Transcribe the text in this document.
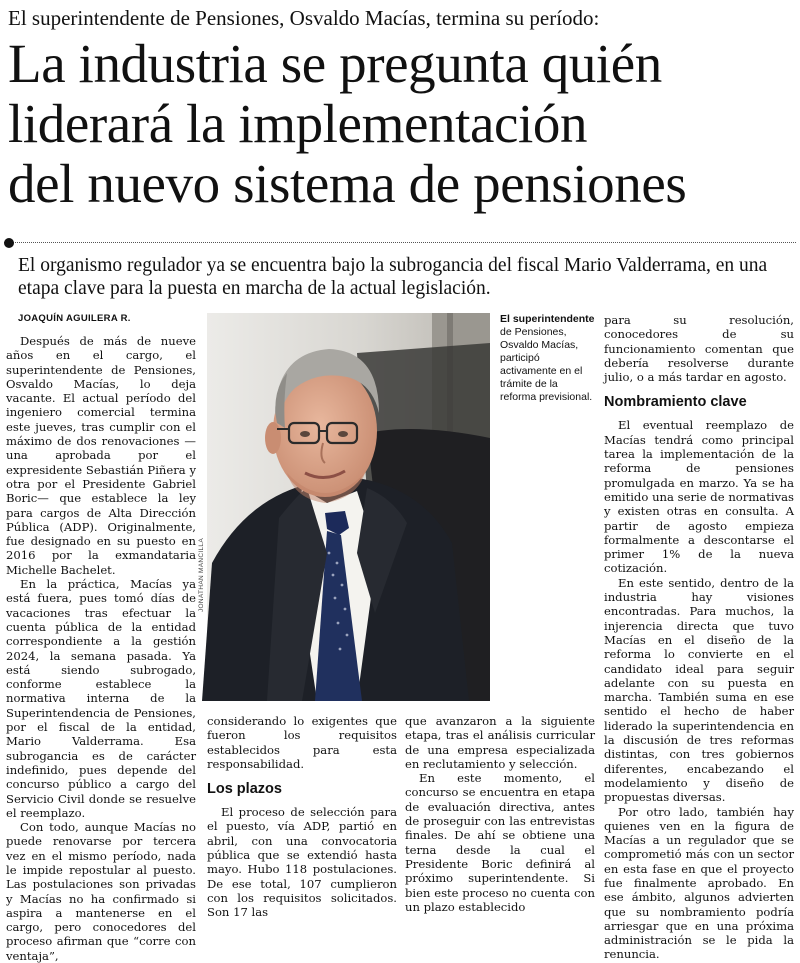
El superintendente de Pensiones, Osvaldo Macías, termina su período:
La industria se pregunta quién
liderará la implementación
del nuevo sistema de pensiones
El organismo regulador ya se encuentra bajo la subrogancia del fiscal Mario Valderrama, en una etapa clave para la puesta en marcha de la actual legislación.
JOAQUÍN AGUILERA R.

Después de más de nueve años en el cargo, el superintendente de Pensiones, Osvaldo Macías, lo deja vacante. El actual período del ingeniero comercial termina este jueves, tras cumplir con el máximo de dos renovaciones —una aprobada por el expresidente Sebastián Piñera y otra por el Presidente Gabriel Boric— que establece la ley para cargos de Alta Dirección Pública (ADP). Originalmente, fue designado en su puesto en 2016 por la exmandataria Michelle Bachelet.

En la práctica, Macías ya está fuera, pues tomó días de vacaciones tras efectuar la cuenta pública de la entidad correspondiente a la gestión 2024, la semana pasada. Ya está siendo subrogado, conforme establece la normativa interna de la Superintendencia de Pensiones, por el fiscal de la entidad, Mario Valderrama. Esa subrogancia es de carácter indefinido, pues depende del concurso público a cargo del Servicio Civil donde se resuelve el reemplazo.

Con todo, aunque Macías no puede renovarse por tercera vez en el mismo período, nada le impide repostular al puesto. Las postulaciones son privadas y Macías no ha confirmado si aspira a mantenerse en el cargo, pero conocedores del proceso afirman que “corre con ventaja”,

JONATHAN MANCILLA
El superintendente de Pensiones, Osvaldo Macías, participó activamente en el trámite de la reforma previsional.

considerando lo exigentes que fueron los requisitos establecidos para esta responsabilidad.

Los plazos

El proceso de selección para el puesto, vía ADP, partió en abril, con una convocatoria pública que se extendió hasta mayo. Hubo 118 postulaciones. De ese total, 107 cumplieron con los requisitos solicitados. Son 17 las

que avanzaron a la siguiente etapa, tras el análisis curricular de una empresa especializada en reclutamiento y selección.

En este momento, el concurso se encuentra en etapa de evaluación directiva, antes de proseguir con las entrevistas finales. De ahí se obtiene una terna desde la cual el Presidente Boric definirá al próximo superintendente. Si bien este proceso no cuenta con un plazo establecido

para su resolución, conocedores de su funcionamiento comentan que debería resolverse durante julio, o a más tardar en agosto.

Nombramiento clave

El eventual reemplazo de Macías tendrá como principal tarea la implementación de la reforma de pensiones promulgada en marzo. Ya se ha emitido una serie de normativas y existen otras en consulta. A partir de agosto empieza formalmente a descontarse el primer 1% de la nueva cotización.

En este sentido, dentro de la industria hay visiones encontradas. Para muchos, la injerencia directa que tuvo Macías en el diseño de la reforma lo convierte en el candidato ideal para seguir adelante con su puesta en marcha. También suma en ese sentido el hecho de haber liderado la superintendencia en la discusión de tres reformas distintas, con tres gobiernos diferentes, encabezando el modelamiento y diseño de propuestas diversas.

Por otro lado, también hay quienes ven en la figura de Macías a un regulador que se comprometió más con un sector en esta fase en que el proyecto fue finalmente aprobado. En ese ámbito, algunos advierten que su nombramiento podría arriesgar que en una próxima administración se le pida la renuncia.
